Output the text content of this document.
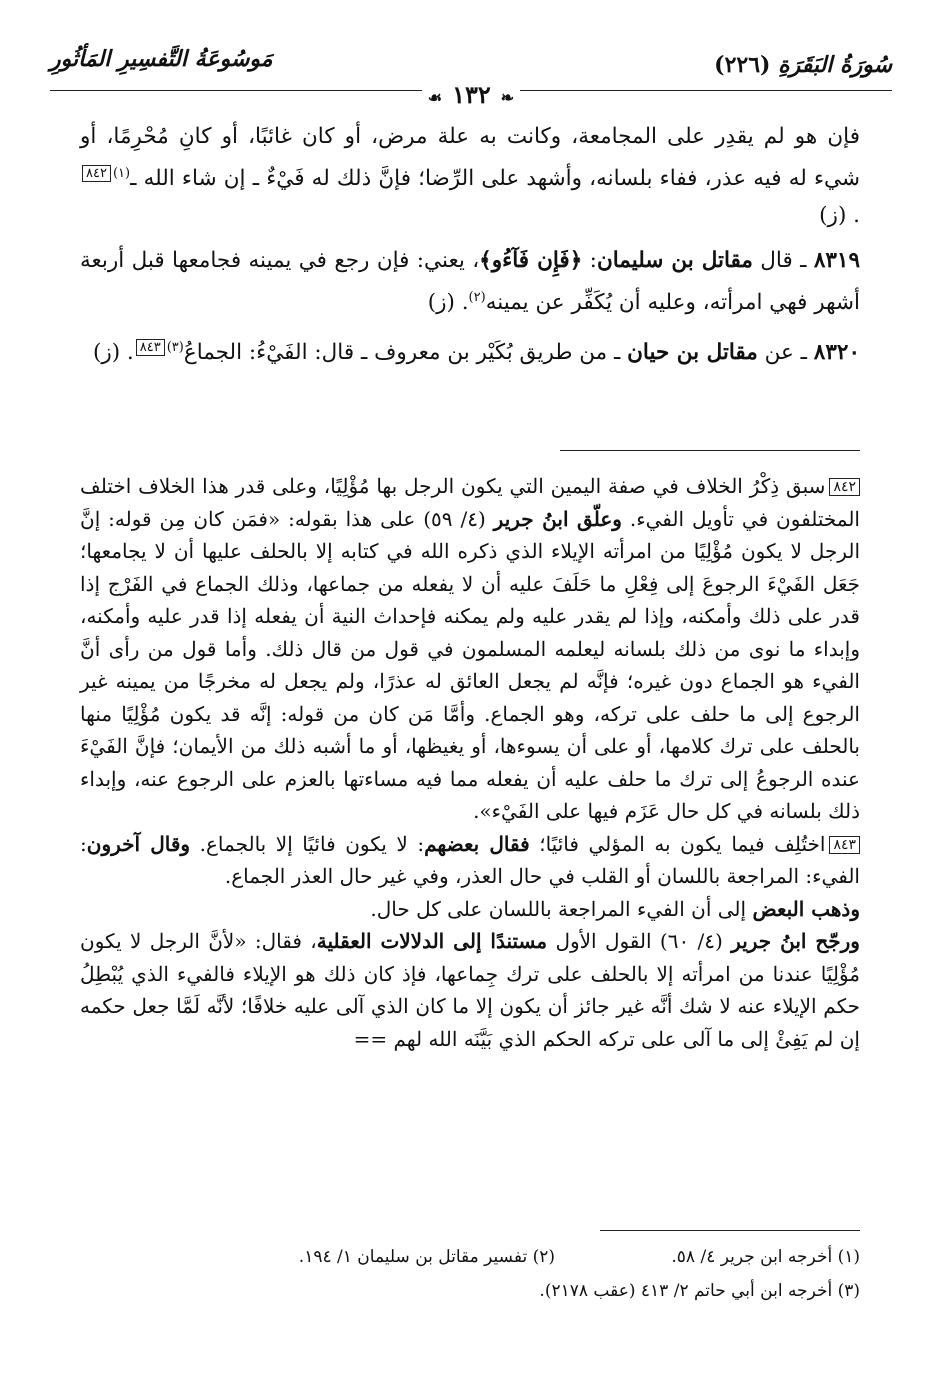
سُورَةُ البَقَرَةِ (٢٢٦)
مَوسُوعَةُ التَّفسِيرِ المَأثُورِ
❧١٣٢☙

فإن هو لم يقدِر على المجامعة، وكانت به علة مرض، أو كان غائبًا، أو كانِ مُحْرِمًا، أو شيء له فيه عذر، ففاء بلسانه، وأشهد على الرِّضا؛ فإنَّ ذلك له فَيْءٌ ـ إن شاء الله ـ$^{(١)}$٨٤٢. (ز)

٨٣١٩ ـ قال مقاتل بن سليمان: ﴿فَإِن فَآءُو﴾، يعني: فإن رجع في يمينه فجامعها قبل أربعة أشهر فهي امرأته، وعليه أن يُكَفِّر عن يمينه$^{(٢)}$. (ز)

٨٣٢٠ ـ عن مقاتل بن حيان ـ من طريق بُكَيْر بن معروف ـ قال: الفَيْءُ: الجماعُ$^{(٣)}$٨٤٣. (ز)

٨٤٢سبق ذِكْرُ الخلاف في صفة اليمين التي يكون الرجل بها مُؤْلِيًا، وعلى قدر هذا الخلاف اختلف المختلفون في تأويل الفيء. وعلّق ابنُ جرير (٤/ ٥٩) على هذا بقوله: «فمَن كان مِن قوله: إنَّ الرجل لا يكون مُؤْلِيًا من امرأته الإيلاء الذي ذكره الله في كتابه إلا بالحلف عليها أن لا يجامعها؛ جَعَل الفَيْءَ الرجوعَ إلى فِعْلِ ما حَلَفَ عليه أن لا يفعله من جماعها، وذلك الجماع في الفَرْج إذا قدر على ذلك وأمكنه، وإذا لم يقدر عليه ولم يمكنه فإحداث النية أن يفعله إذا قدر عليه وأمكنه، وإبداء ما نوى من ذلك بلسانه ليعلمه المسلمون في قول من قال ذلك. وأما قول من رأى أنَّ الفيء هو الجماع دون غيره؛ فإنَّه لم يجعل العائق له عذرًا، ولم يجعل له مخرجًا من يمينه غير الرجوع إلى ما حلف على تركه، وهو الجماع. وأمَّا مَن كان من قوله: إنَّه قد يكون مُؤْلِيًا منها بالحلف على ترك كلامها، أو على أن يسوءها، أو يغيظها، أو ما أشبه ذلك من الأيمان؛ فإنَّ الفَيْءَ عنده الرجوعُ إلى ترك ما حلف عليه أن يفعله مما فيه مساءتها بالعزم على الرجوع عنه، وإبداء ذلك بلسانه في كل حال عَزَم فيها على الفَيْء».

٨٤٣اختُلِف فيما يكون به المؤلي فائيًا؛ فقال بعضهم: لا يكون فائيًا إلا بالجماع. وقال آخرون: الفيء: المراجعة باللسان أو القلب في حال العذر، وفي غير حال العذر الجماع.

وذهب البعض إلى أن الفيء المراجعة باللسان على كل حال.

ورجّح ابنُ جرير (٤/ ٦٠) القول الأول مستندًا إلى الدلالات العقلية، فقال: «لأنَّ الرجل لا يكون مُؤْلِيًا عندنا من امرأته إلا بالحلف على ترك جِماعها، فإذ كان ذلك هو الإيلاء فالفيء الذي يُبْطِلُ حكم الإيلاء عنه لا شك أنَّه غير جائز أن يكون إلا ما كان الذي آلى عليه خلافًا؛ لأنَّه لَمَّا جعل حكمه إن لم يَفِئْ إلى ما آلى على تركه الحكم الذي بَيَّنَه الله لهم ==

(١) أخرجه ابن جرير ٤/ ٥٨.
(٢) تفسير مقاتل بن سليمان ١/ ١٩٤.
(٣) أخرجه ابن أبي حاتم ٢/ ٤١٣ (عقب ٢١٧٨).
